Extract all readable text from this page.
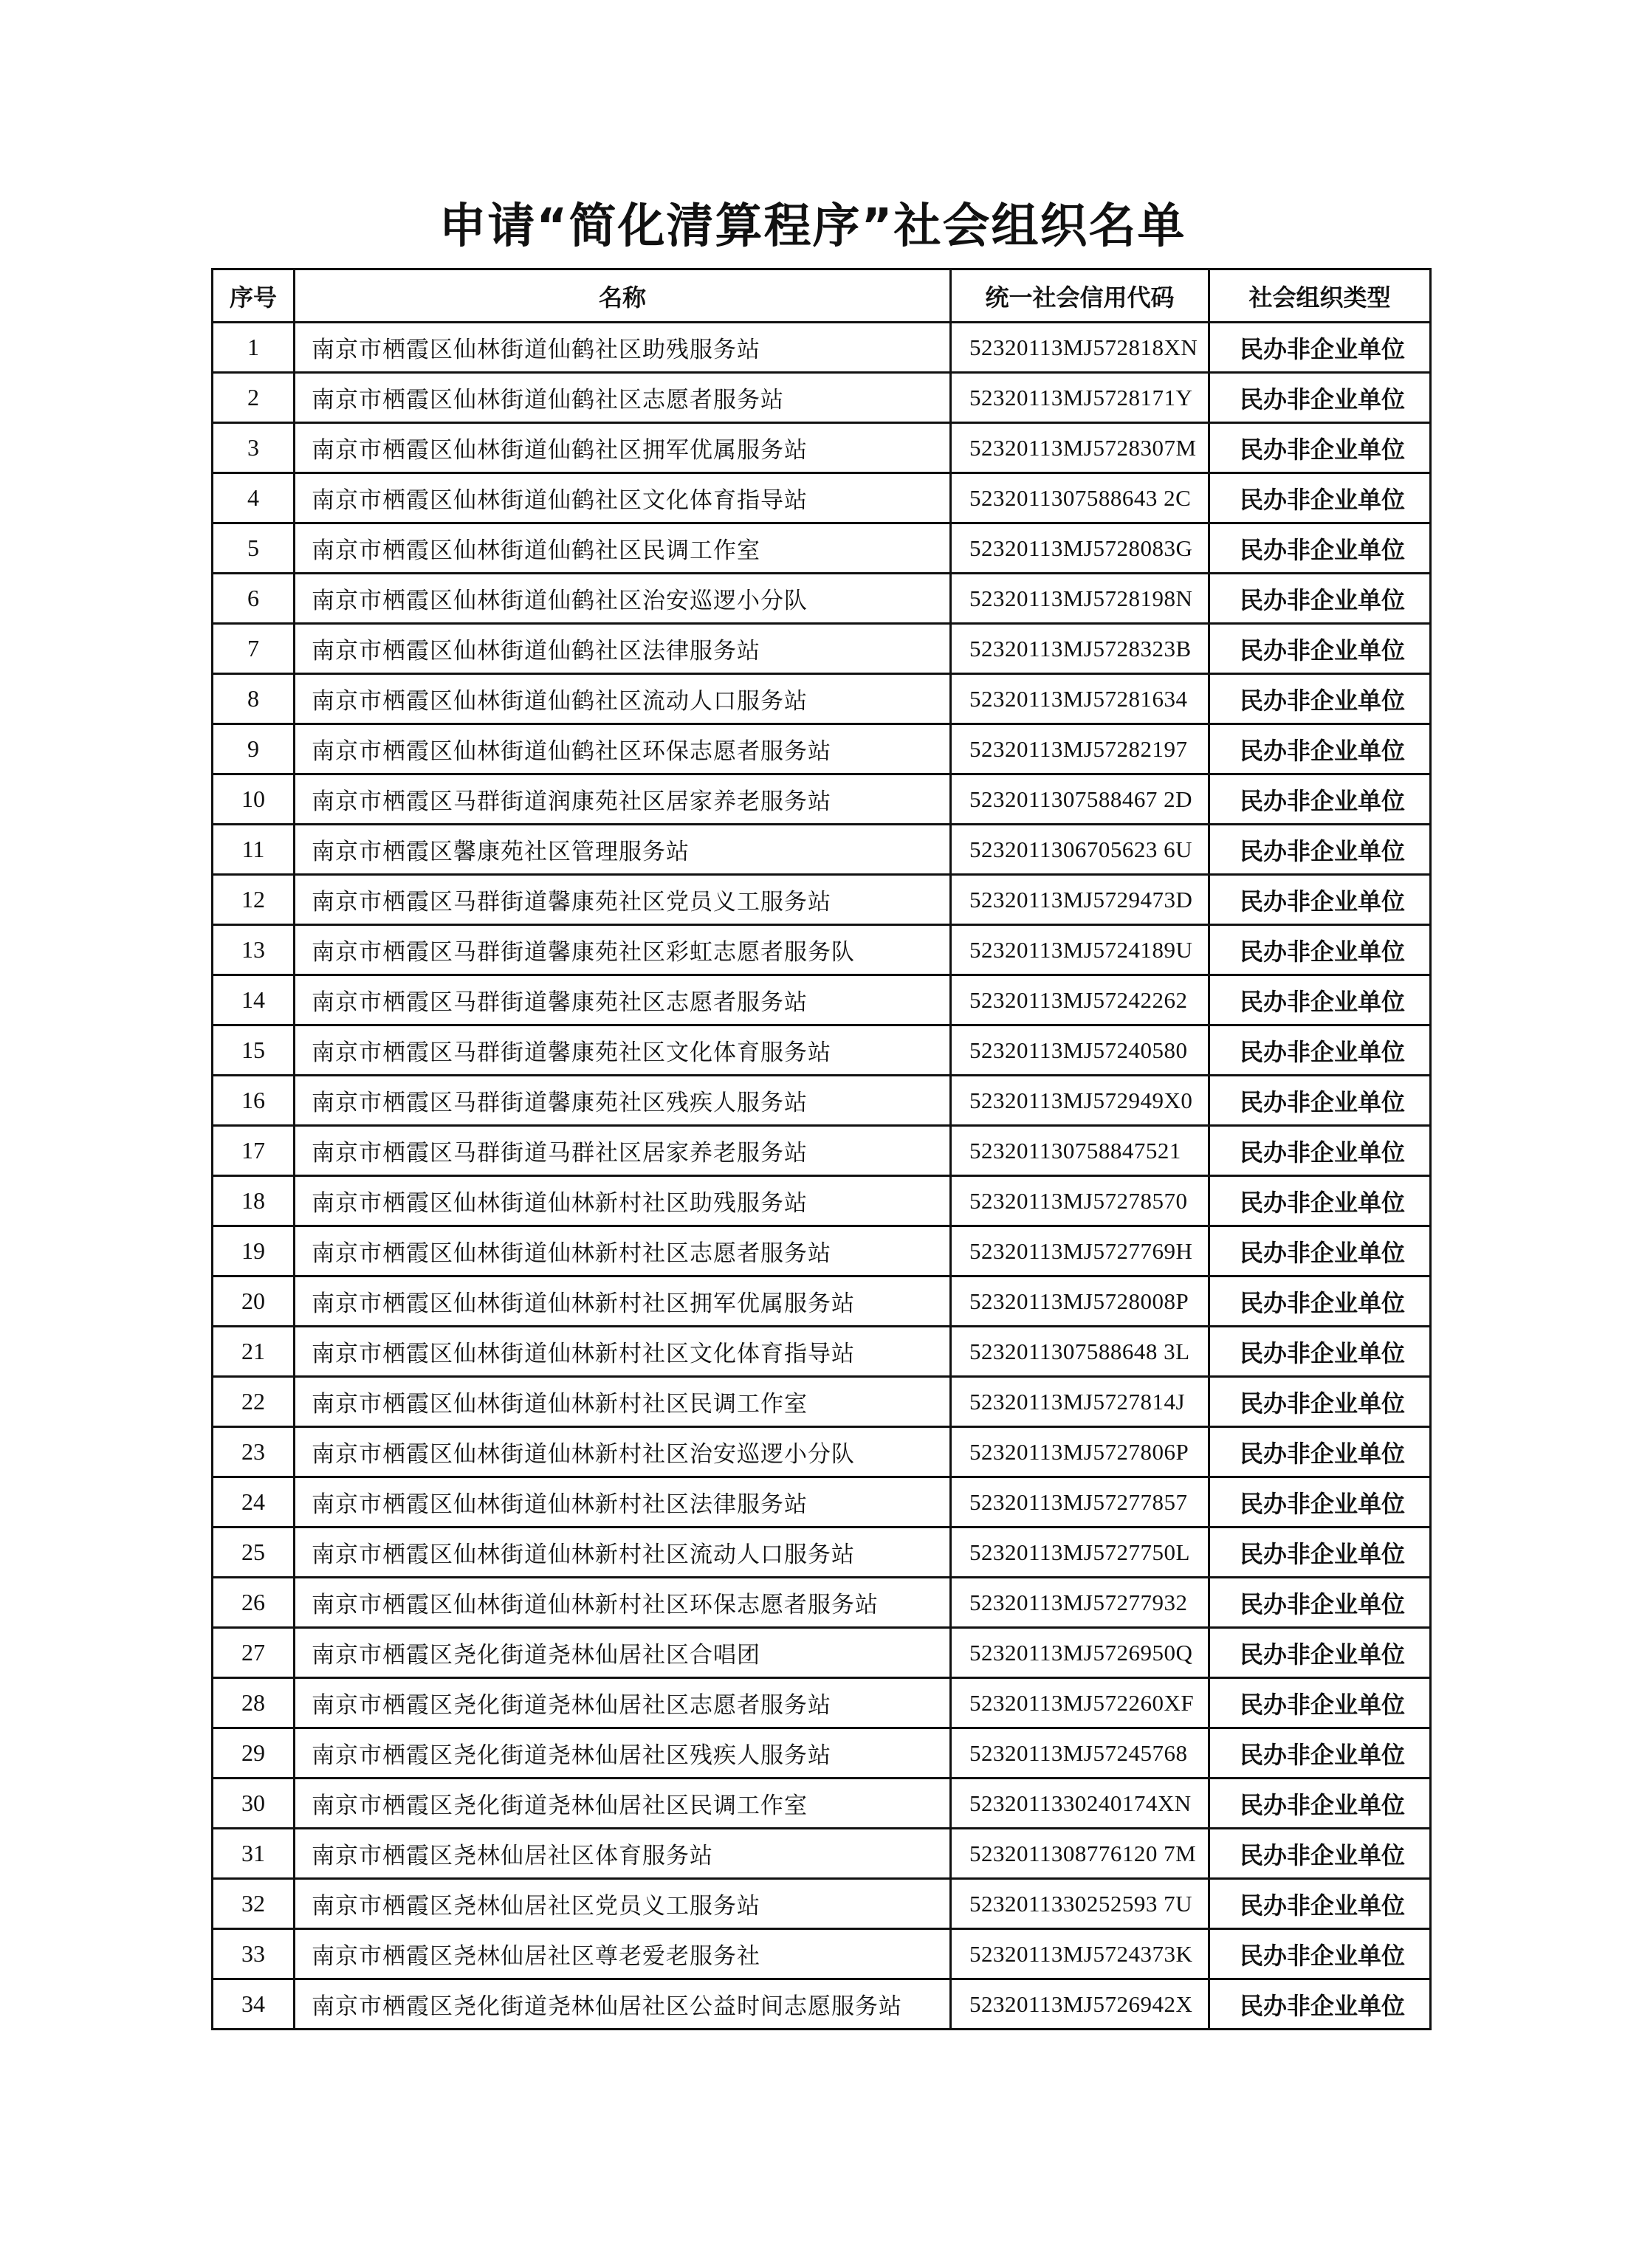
申请“简化清算程序”社会组织名单
序号	名称	统一社会信用代码	社会组织类型
1	南京市栖霞区仙林街道仙鹤社区助残服务站	52320113MJ572818XN	民办非企业单位
2	南京市栖霞区仙林街道仙鹤社区志愿者服务站	52320113MJ5728171Y	民办非企业单位
3	南京市栖霞区仙林街道仙鹤社区拥军优属服务站	52320113MJ5728307M	民办非企业单位
4	南京市栖霞区仙林街道仙鹤社区文化体育指导站	5232011307588643 2C	民办非企业单位
5	南京市栖霞区仙林街道仙鹤社区民调工作室	52320113MJ5728083G	民办非企业单位
6	南京市栖霞区仙林街道仙鹤社区治安巡逻小分队	52320113MJ5728198N	民办非企业单位
7	南京市栖霞区仙林街道仙鹤社区法律服务站	52320113MJ5728323B	民办非企业单位
8	南京市栖霞区仙林街道仙鹤社区流动人口服务站	52320113MJ57281634	民办非企业单位
9	南京市栖霞区仙林街道仙鹤社区环保志愿者服务站	52320113MJ57282197	民办非企业单位
10	南京市栖霞区马群街道润康苑社区居家养老服务站	5232011307588467 2D	民办非企业单位
11	南京市栖霞区馨康苑社区管理服务站	5232011306705623 6U	民办非企业单位
12	南京市栖霞区马群街道馨康苑社区党员义工服务站	52320113MJ5729473D	民办非企业单位
13	南京市栖霞区马群街道馨康苑社区彩虹志愿者服务队	52320113MJ5724189U	民办非企业单位
14	南京市栖霞区马群街道馨康苑社区志愿者服务站	52320113MJ57242262	民办非企业单位
15	南京市栖霞区马群街道馨康苑社区文化体育服务站	52320113MJ57240580	民办非企业单位
16	南京市栖霞区马群街道馨康苑社区残疾人服务站	52320113MJ572949X0	民办非企业单位
17	南京市栖霞区马群街道马群社区居家养老服务站	523201130758847521	民办非企业单位
18	南京市栖霞区仙林街道仙林新村社区助残服务站	52320113MJ57278570	民办非企业单位
19	南京市栖霞区仙林街道仙林新村社区志愿者服务站	52320113MJ5727769H	民办非企业单位
20	南京市栖霞区仙林街道仙林新村社区拥军优属服务站	52320113MJ5728008P	民办非企业单位
21	南京市栖霞区仙林街道仙林新村社区文化体育指导站	5232011307588648 3L	民办非企业单位
22	南京市栖霞区仙林街道仙林新村社区民调工作室	52320113MJ5727814J	民办非企业单位
23	南京市栖霞区仙林街道仙林新村社区治安巡逻小分队	52320113MJ5727806P	民办非企业单位
24	南京市栖霞区仙林街道仙林新村社区法律服务站	52320113MJ57277857	民办非企业单位
25	南京市栖霞区仙林街道仙林新村社区流动人口服务站	52320113MJ5727750L	民办非企业单位
26	南京市栖霞区仙林街道仙林新村社区环保志愿者服务站	52320113MJ57277932	民办非企业单位
27	南京市栖霞区尧化街道尧林仙居社区合唱团	52320113MJ5726950Q	民办非企业单位
28	南京市栖霞区尧化街道尧林仙居社区志愿者服务站	52320113MJ572260XF	民办非企业单位
29	南京市栖霞区尧化街道尧林仙居社区残疾人服务站	52320113MJ57245768	民办非企业单位
30	南京市栖霞区尧化街道尧林仙居社区民调工作室	5232011330240174XN	民办非企业单位
31	南京市栖霞区尧林仙居社区体育服务站	5232011308776120 7M	民办非企业单位
32	南京市栖霞区尧林仙居社区党员义工服务站	5232011330252593 7U	民办非企业单位
33	南京市栖霞区尧林仙居社区尊老爱老服务社	52320113MJ5724373K	民办非企业单位
34	南京市栖霞区尧化街道尧林仙居社区公益时间志愿服务站	52320113MJ5726942X	民办非企业单位
